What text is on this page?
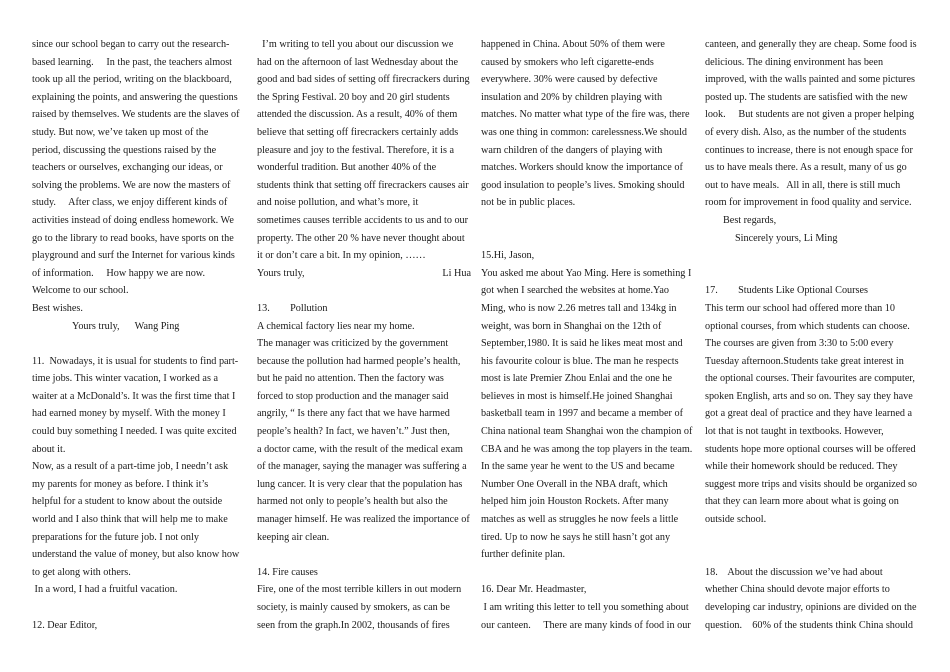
since our school began to carry out the research-

based learning.     In the past, the teachers almost

took up all the period, writing on the blackboard,

explaining the points, and answering the questions

raised by themselves. We students are the slaves of

study. But now, we’ve taken up most of the

period, discussing the questions raised by the

teachers or ourselves, exchanging our ideas, or

solving the problems. We are now the masters of

study.     After class, we enjoy different kinds of

activities instead of doing endless homework. We

go to the library to read books, have sports on the

playground and surf the Internet for various kinds

of information.     How happy we are now.

Welcome to our school.

Best wishes.

Yours truly,      Wang Ping

11.  Nowadays, it is usual for students to find part-

time jobs. This winter vacation, I worked as a

waiter at a McDonald’s. It was the first time that I

had earned money by myself. With the money I

could buy something I needed. I was quite excited

about it.

Now, as a result of a part-time job, I needn’t ask

my parents for money as before. I think it’s

helpful for a student to know about the outside

world and I also think that will help me to make

preparations for the future job. I not only

understand the value of money, but also know how

to get along with others.

In a word, I had a fruitful vacation.

12. Dear Editor,

I’m writing to tell you about our discussion we

had on the afternoon of last Wednesday about the

good and bad sides of setting off firecrackers during

the Spring Festival. 20 boy and 20 girl students

attended the discussion. As a result, 40% of them

believe that setting off firecrackers certainly adds

pleasure and joy to the festival. Therefore, it is a

wonderful tradition. But another 40% of the

students think that setting off firecrackers causes air

and noise pollution, and what’s more, it

sometimes causes terrible accidents to us and to our

property. The other 20 % have never thought about

it or don’t care a bit. In my opinion, ……

Yours truly,	Li Hua

13.        Pollution

A chemical factory lies near my home.

The manager was criticized by the government

because the pollution had harmed people’s health,

but he paid no attention. Then the factory was

forced to stop production and the manager said

angrily, “ Is there any fact that we have harmed

people’s health? In fact, we haven’t.” Just then,

a doctor came, with the result of the medical exam

of the manager, saying the manager was suffering a

lung cancer. It is very clear that the population has

harmed not only to people’s health but also the

manager himself. He was realized the importance of

keeping air clean.

14. Fire causes

Fire, one of the most terrible killers in out modern

society, is mainly caused by smokers, as can be

seen from the graph.In 2002, thousands of fires

happened in China. About 50% of them were

caused by smokers who left cigarette-ends

everywhere. 30% were caused by defective

insulation and 20% by children playing with

matches. No matter what type of the fire was, there

was one thing in common: carelessness.We should

warn children of the dangers of playing with

matches. Workers should know the importance of

good insulation to people’s lives. Smoking should

not be in public places.

15.Hi, Jason,

You asked me about Yao Ming. Here is something I

got when I searched the websites at home.Yao

Ming, who is now 2.26 metres tall and 134kg in

weight, was born in Shanghai on the 12th of

September,1980. It is said he likes meat most and

his favourite colour is blue. The man he respects

most is late Premier Zhou Enlai and the one he

believes in most is himself.He joined Shanghai

basketball team in 1997 and became a member of

China national team Shanghai won the champion of

CBA and he was among the top players in the team.

In the same year he went to the US and became

Number One Overall in the NBA draft, which

helped him join Houston Rockets. After many

matches as well as struggles he now feels a little

tired. Up to now he says he still hasn’t got any

further definite plan.

16. Dear Mr. Headmaster,

I am writing this letter to tell you something about

our canteen.     There are many kinds of food in our

canteen, and generally they are cheap. Some food is

delicious. The dining environment has been

improved, with the walls painted and some pictures

posted up. The students are satisfied with the new

look.     But students are not given a proper helping

of every dish. Also, as the number of the students

continues to increase, there is not enough space for

us to have meals there. As a result, many of us go

out to have meals.   All in all, there is still much

room for improvement in food quality and service.

Best regards,

Sincerely yours, Li Ming

17.        Students Like Optional Courses

This term our school had offered more than 10

optional courses, from which students can choose.

The courses are given from 3:30 to 5:00 every

Tuesday afternoon.Students take great interest in

the optional courses. Their favourites are computer,

spoken English, arts and so on. They say they have

got a great deal of practice and they have learned a

lot that is not taught in textbooks. However,

students hope more optional courses will be offered

while their homework should be reduced. They

suggest more trips and visits should be organized so

that they can learn more about what is going on

outside school.

18.    About the discussion we’ve had about

whether China should devote major efforts to

developing car industry, opinions are divided on the

question.    60% of the students think China should
